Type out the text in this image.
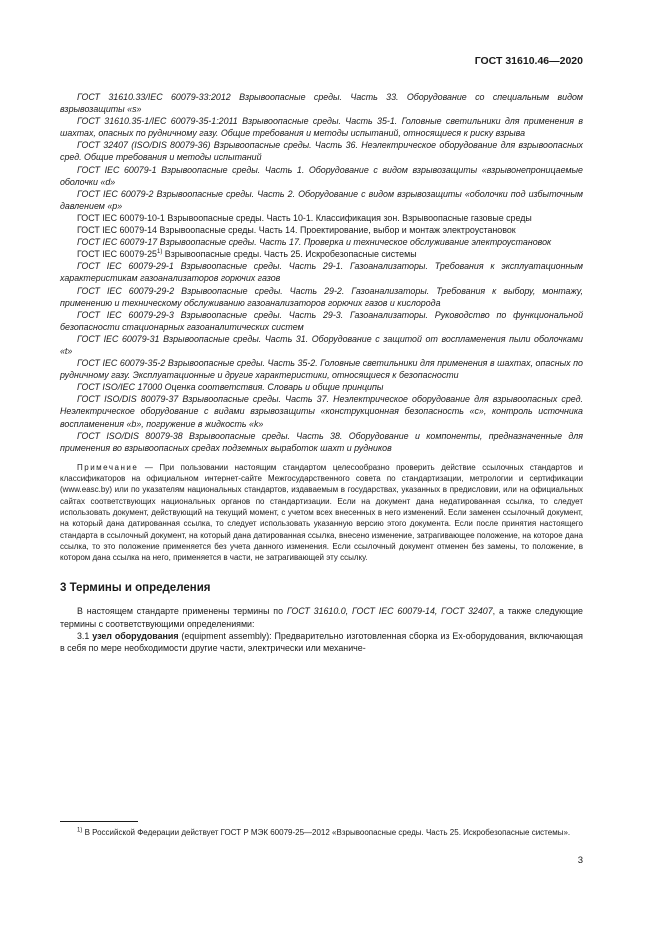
ГОСТ 31610.46—2020

ГОСТ 31610.33/IEC 60079-33:2012 Взрывоопасные среды. Часть 33. Оборудование со специальным видом взрывозащиты «s»

ГОСТ 31610.35-1/IEC 60079-35-1:2011 Взрывоопасные среды. Часть 35-1. Головные светильники для применения в шахтах, опасных по рудничному газу. Общие требования и методы испытаний, относящиеся к риску взрыва

ГОСТ 32407 (ISO/DIS 80079-36) Взрывоопасные среды. Часть 36. Неэлектрическое оборудование для взрывоопасных сред. Общие требования и методы испытаний

ГОСТ IEC 60079-1 Взрывоопасные среды. Часть 1. Оборудование с видом взрывозащиты «взрывонепроницаемые оболочки «d»

ГОСТ IEC 60079-2 Взрывоопасные среды. Часть 2. Оборудование с видом взрывозащиты «оболочки под избыточным давлением «p»

ГОСТ IEC 60079-10-1 Взрывоопасные среды. Часть 10-1. Классификация зон. Взрывоопасные газовые среды

ГОСТ IEC 60079-14 Взрывоопасные среды. Часть 14. Проектирование, выбор и монтаж электроустановок

ГОСТ IEC 60079-17 Взрывоопасные среды. Часть 17. Проверка и техническое обслуживание электроустановок

ГОСТ IEC 60079-25$^{1)}$ Взрывоопасные среды. Часть 25. Искробезопасные системы

ГОСТ IEC 60079-29-1 Взрывоопасные среды. Часть 29-1. Газоанализаторы. Требования к эксплуатационным характеристикам газоанализаторов горючих газов

ГОСТ IEC 60079-29-2 Взрывоопасные среды. Часть 29-2. Газоанализаторы. Требования к выбору, монтажу, применению и техническому обслуживанию газоанализаторов горючих газов и кислорода

ГОСТ IEC 60079-29-3 Взрывоопасные среды. Часть 29-3. Газоанализаторы. Руководство по функциональной безопасности стационарных газоаналитических систем

ГОСТ IEC 60079-31 Взрывоопасные среды. Часть 31. Оборудование с защитой от воспламенения пыли оболочками «t»

ГОСТ IEC 60079-35-2 Взрывоопасные среды. Часть 35-2. Головные светильники для применения в шахтах, опасных по рудничному газу. Эксплуатационные и другие характеристики, относящиеся к безопасности

ГОСТ ISO/IEC 17000 Оценка соответствия. Словарь и общие принципы

ГОСТ ISO/DIS 80079-37 Взрывоопасные среды. Часть 37. Неэлектрическое оборудование для взрывоопасных сред. Неэлектрическое оборудование с видами взрывозащиты «конструкционная безопасность «c», контроль источника воспламенения «b», погружение в жидкость «k»

ГОСТ ISO/DIS 80079-38 Взрывоопасные среды. Часть 38. Оборудование и компоненты, предназначенные для применения во взрывоопасных средах подземных выработок шахт и рудников

Примечание — При пользовании настоящим стандартом целесообразно проверить действие ссылочных стандартов и классификаторов на официальном интернет-сайте Межгосударственного совета по стандартизации, метрологии и сертификации (www.easc.by) или по указателям национальных стандартов, издаваемым в государствах, указанных в предисловии, или на официальных сайтах соответствующих национальных органов по стандартизации. Если на документ дана недатированная ссылка, то следует использовать документ, действующий на текущий момент, с учетом всех внесенных в него изменений. Если заменен ссылочный документ, на который дана датированная ссылка, то следует использовать указанную версию этого документа. Если после принятия настоящего стандарта в ссылочный документ, на который дана датированная ссылка, внесено изменение, затрагивающее положение, на которое дана ссылка, то это положение применяется без учета данного изменения. Если ссылочный документ отменен без замены, то положение, в котором дана ссылка на него, применяется в части, не затрагивающей эту ссылку.

3 Термины и определения

В настоящем стандарте применены термины по ГОСТ 31610.0, ГОСТ IEC 60079-14, ГОСТ 32407, а также следующие термины с соответствующими определениями:

3.1 узел оборудования (equipment assembly): Предварительно изготовленная сборка из Ex-оборудования, включающая в себя по мере необходимости другие части, электрически или механиче-

$^{1)}$ В Российской Федерации действует ГОСТ Р МЭК 60079-25—2012 «Взрывоопасные среды. Часть 25. Искробезопасные системы».

3
